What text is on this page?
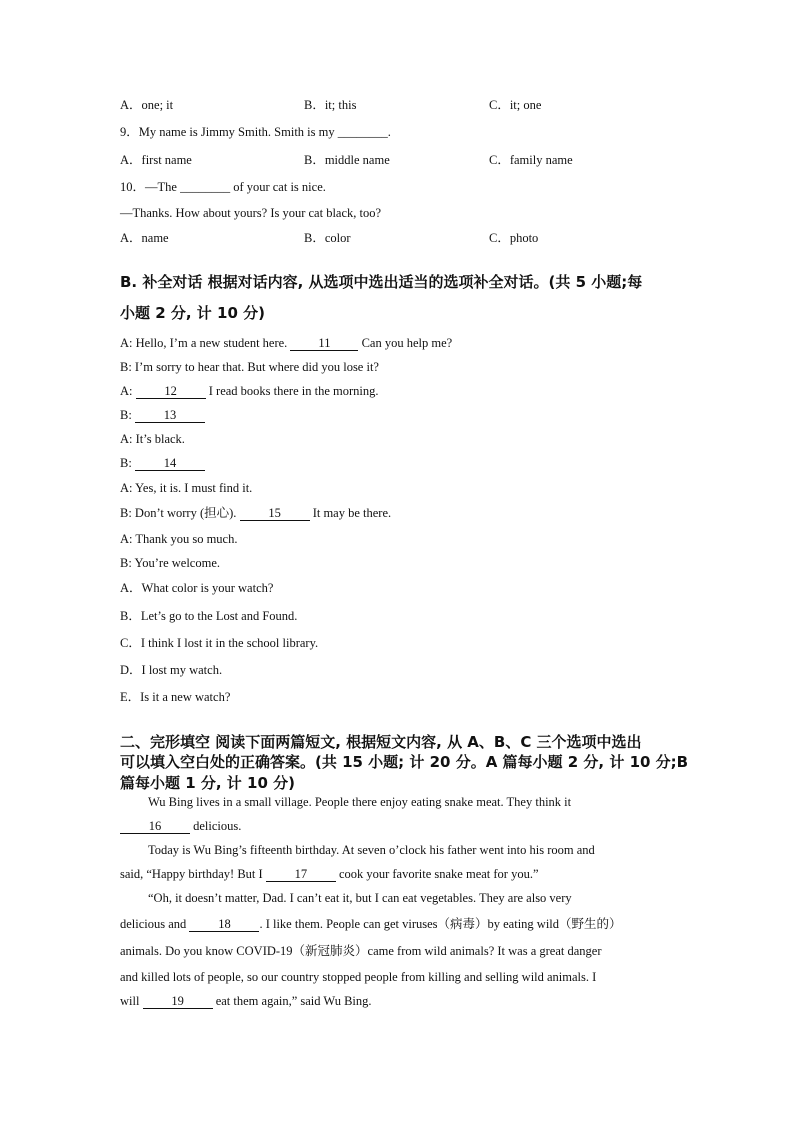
A．one; it	B．it; this	C．it; one
9．My name is Jimmy Smith. Smith is my ________.
A．first name	B．middle name	C．family name
10．—The ________ of your cat is nice.
—Thanks. How about yours? Is your cat black, too?
A．name	B．color	C．photo
B. 补全对话 根据对话内容, 从选项中选出适当的选项补全对话。(共 5 小题;每
小题 2 分, 计 10 分)
A: Hello, I’m a new student here. 11 Can you help me?
B: I’m sorry to hear that. But where did you lose it?
A: 12 I read books there in the morning.
B: 13
A: It’s black.
B: 14
A: Yes, it is. I must find it.
B: Don’t worry (担心). 15 It may be there.
A: Thank you so much.
B: You’re welcome.
A．What color is your watch?
B．Let’s go to the Lost and Found.
C．I think I lost it in the school library.
D．I lost my watch.
E．Is it a new watch?
二、完形填空 阅读下面两篇短文, 根据短文内容, 从 A、B、C 三个选项中选出
可以填入空白处的正确答案。(共 15 小题; 计 20 分。A 篇每小题 2 分, 计 10 分;B
篇每小题 1 分, 计 10 分)
Wu Bing lives in a small village. People there enjoy eating snake meat. They think it
16 delicious.
Today is Wu Bing’s fifteenth birthday. At seven o’clock his father went into his room and
said, “Happy birthday! But I 17 cook your favorite snake meat for you.”
“Oh, it doesn’t matter, Dad. I can’t eat it, but I can eat vegetables. They are also very
delicious and 18 . I like them. People can get viruses（病毒）by eating wild（野生的）
animals. Do you know COVID-19（新冠肺炎）came from wild animals? It was a great danger
and killed lots of people, so our country stopped people from killing and selling wild animals. I
will 19 eat them again,” said Wu Bing.
